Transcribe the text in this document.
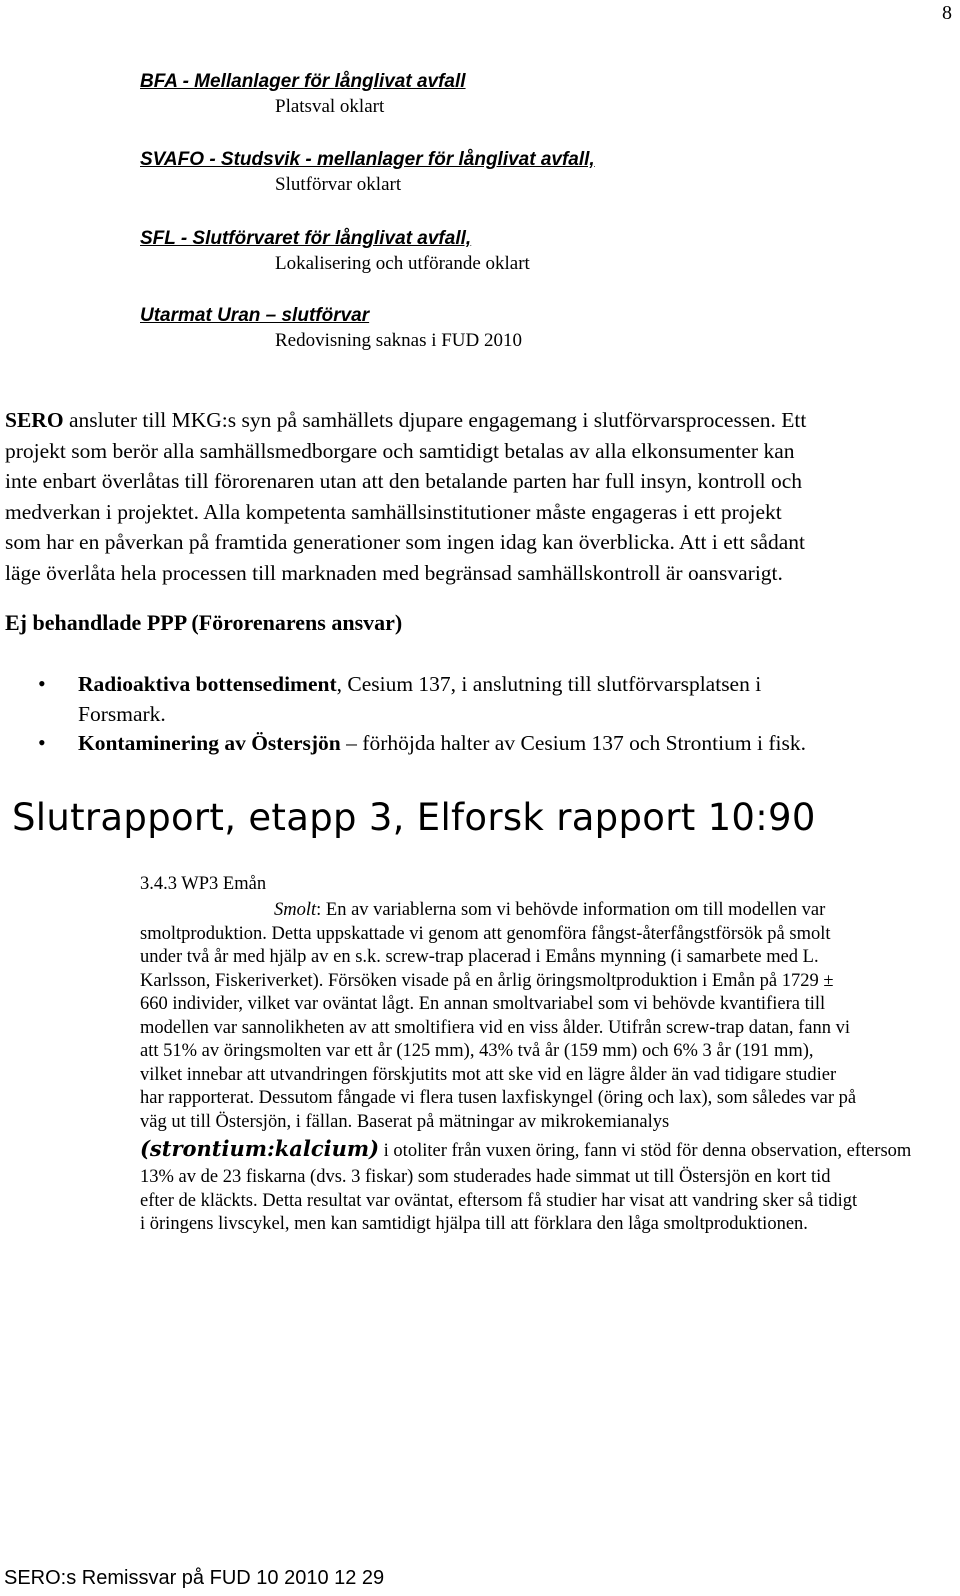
8
BFA - Mellanlager för långlivat avfall
Platsval oklart
SVAFO - Studsvik - mellanlager för långlivat avfall,
Slutförvar oklart
SFL - Slutförvaret för långlivat avfall,
Lokalisering och utförande oklart
Utarmat Uran – slutförvar
Redovisning saknas i FUD 2010
SERO ansluter till MKG:s syn på samhällets djupare engagemang i slutförvarsprocessen. Ett
projekt som berör alla samhällsmedborgare och samtidigt betalas av alla elkonsumenter kan
inte enbart överlåtas till förorenaren utan att den betalande parten har full insyn, kontroll och
medverkan i projektet. Alla kompetenta samhällsinstitutioner måste engageras i ett projekt
som har en påverkan på framtida generationer som ingen idag kan överblicka. Att i ett sådant
läge överlåta hela processen till marknaden med begränsad samhällskontroll är oansvarigt.
Ej behandlade PPP (Förorenarens ansvar)
• Radioaktiva bottensediment, Cesium 137, i anslutning till slutförvarsplatsen i
Forsmark.
• Kontaminering av Östersjön – förhöjda halter av Cesium 137 och Strontium i fisk.
Slutrapport, etapp 3, Elforsk rapport 10:90
3.4.3 WP3 Emån
Smolt: En av variablerna som vi behövde information om till modellen var
smoltproduktion. Detta uppskattade vi genom att genomföra fångst-återfångstförsök på smolt
under två år med hjälp av en s.k. screw-trap placerad i Emåns mynning (i samarbete med L.
Karlsson, Fiskeriverket). Försöken visade på en årlig öringsmoltproduktion i Emån på 1729 ±
660 individer, vilket var oväntat lågt. En annan smoltvariabel som vi behövde kvantifiera till
modellen var sannolikheten av att smoltifiera vid en viss ålder. Utifrån screw-trap datan, fann vi
att 51% av öringsmolten var ett år (125 mm), 43% två år (159 mm) och 6% 3 år (191 mm),
vilket innebar att utvandringen förskjutits mot att ske vid en lägre ålder än vad tidigare studier
har rapporterat. Dessutom fångade vi flera tusen laxfiskyngel (öring och lax), som således var på
väg ut till Östersjön, i fällan. Baserat på mätningar av mikrokemianalys
(strontium:kalcium) i otoliter från vuxen öring, fann vi stöd för denna observation, eftersom
13% av de 23 fiskarna (dvs. 3 fiskar) som studerades hade simmat ut till Östersjön en kort tid
efter de kläckts. Detta resultat var oväntat, eftersom få studier har visat att vandring sker så tidigt
i öringens livscykel, men kan samtidigt hjälpa till att förklara den låga smoltproduktionen.
SERO:s Remissvar på FUD 10 2010 12 29
